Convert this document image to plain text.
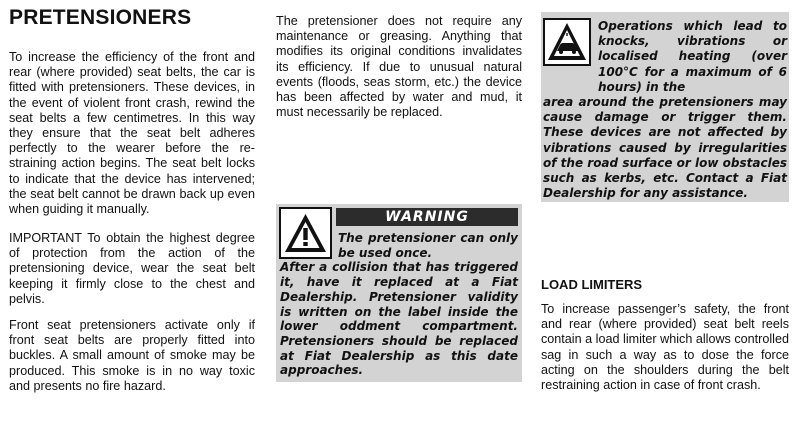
PRETENSIONERS

To increase the efficiency of the front and rear (where provided) seat belts, the car is fitted with pretensioners. These devices, in the event of violent front crash, rewind the seat belts a few centimetres. In this way they ensure that the seat belt adheres perfectly to the wearer before the restraining action begins. The seat belt locks to indicate that the device has intervened; the seat belt cannot be drawn back up even when guiding it manually.

IMPORTANT To obtain the highest degree of protection from the action of the pretensioning device, wear the seat belt keeping it firmly close to the chest and pelvis.

Front seat pretensioners activate only if front seat belts are properly fitted into buckles. A small amount of smoke may be produced. This smoke is in no way toxic and presents no fire hazard.

The pretensioner does not require any maintenance or greasing. Anything that modifies its original conditions invalidates its efficiency. If due to unusual natural events (floods, seas storm, etc.) the device has been affected by water and mud, it must necessarily be replaced.

WARNING

The pretensioner can only be used once.
After a collision that has triggered it, have it replaced at a Fiat Dealership. Pretensioner validity is written on the label inside the lower oddment compartment. Pretensioners should be replaced at Fiat Dealership as this date approaches.

Operations which lead to knocks, vibrations or localised heating (over 100°C for a maximum of 6 hours) in the
area around the pretensioners may cause damage or trigger them. These devices are not affected by vibrations caused by irregularities of the road surface or low obstacles such as kerbs, etc. Contact a Fiat Dealership for any assistance.

LOAD LIMITERS

To increase passenger’s safety, the front and rear (where provided) seat belt reels contain a load limiter which allows controlled sag in such a way as to dose the force acting on the shoulders during the belt restraining action in case of front crash.
